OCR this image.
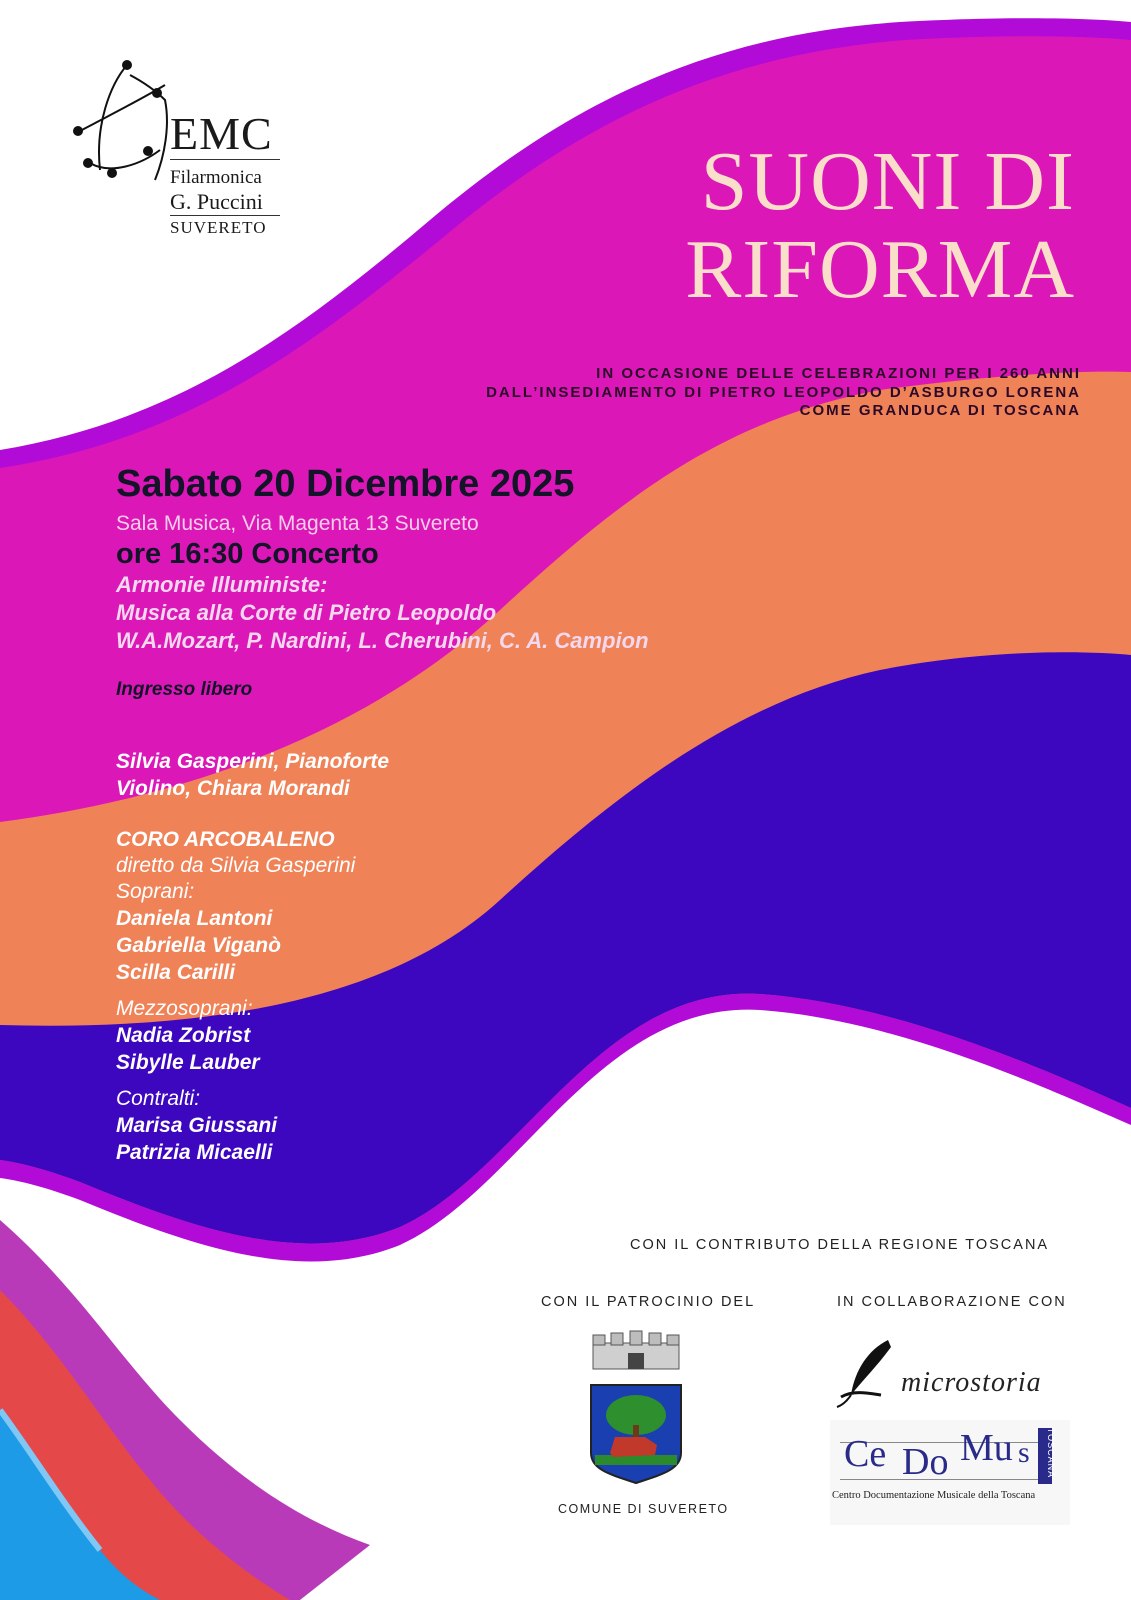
EMC
Filarmonica
G. Puccini
SUVERETO	SUONI DI
RIFORMA
IN OCCASIONE DELLE CELEBRAZIONI PER I 260 ANNI
DALL’INSEDIAMENTO DI PIETRO LEOPOLDO D’ASBURGO LORENA
COME GRANDUCA DI TOSCANA
Sabato 20 Dicembre 2025
Sala Musica, Via Magenta 13 Suvereto
ore 16:30 Concerto
Armonie Illuministe:
Musica alla Corte di Pietro Leopoldo
W.A.Mozart, P. Nardini, L. Cherubini, C. A. Campion
Ingresso libero
Silvia Gasperini, Pianoforte
Violino, Chiara Morandi
CORO ARCOBALENO
diretto da Silvia Gasperini
Soprani:
Daniela Lantoni
Gabriella Viganò
Scilla Carilli
Mezzosoprani:
Nadia Zobrist
Sibylle Lauber
Contralti:
Marisa Giussani
Patrizia Micaelli
CON IL CONTRIBUTO DELLA REGIONE TOSCANA
CON IL PATROCINIO DEL	IN COLLABORAZIONE CON
COMUNE DI SUVERETO
microstoria
Ce Do Mu s TOSCANA
Centro Documentazione Musicale della Toscana
